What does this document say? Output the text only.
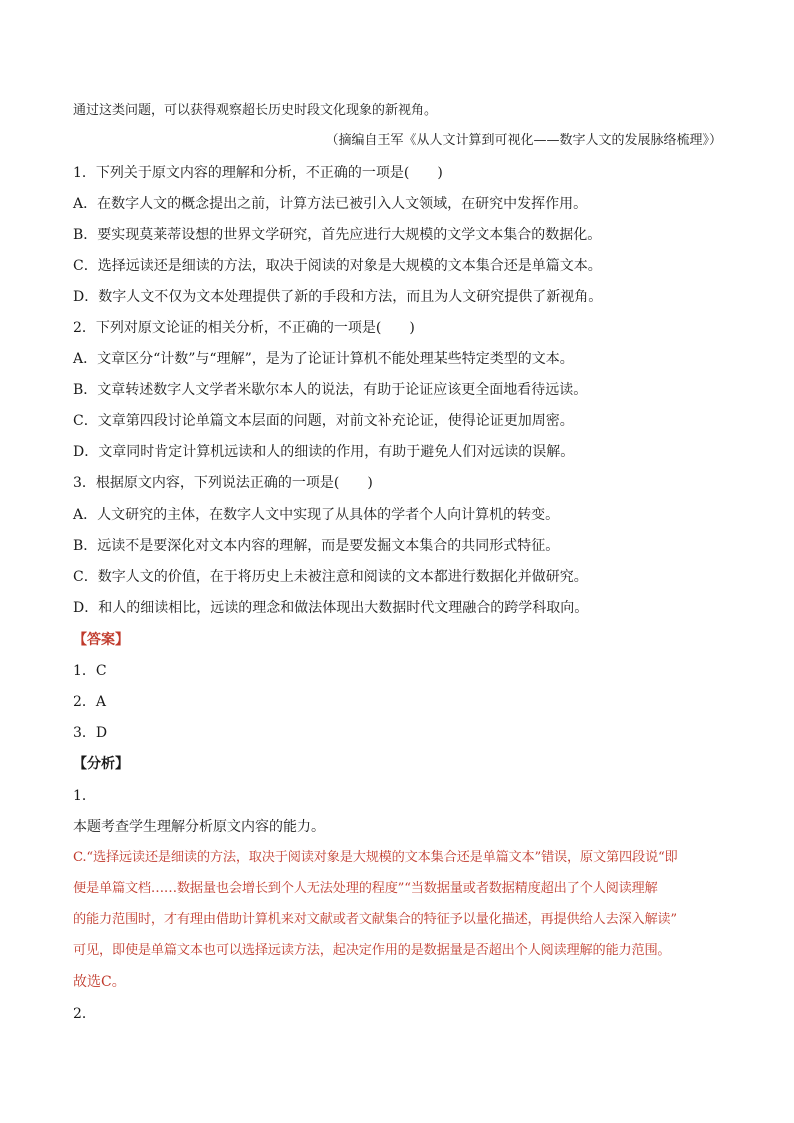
通过这类问题，可以获得观察超长历史时段文化现象的新视角。
（摘编自王军《从人文计算到可视化——数字人文的发展脉络梳理》）
1．下列关于原文内容的理解和分析，不正确的一项是(　　)
A．在数字人文的概念提出之前，计算方法已被引入人文领域，在研究中发挥作用。
B．要实现莫莱蒂设想的世界文学研究，首先应进行大规模的文学文本集合的数据化。
C．选择远读还是细读的方法，取决于阅读的对象是大规模的文本集合还是单篇文本。
D．数字人文不仅为文本处理提供了新的手段和方法，而且为人文研究提供了新视角。
2．下列对原文论证的相关分析，不正确的一项是(　　)
A．文章区分“计数”与“理解”，是为了论证计算机不能处理某些特定类型的文本。
B．文章转述数字人文学者米歇尔本人的说法，有助于论证应该更全面地看待远读。
C．文章第四段讨论单篇文本层面的问题，对前文补充论证，使得论证更加周密。
D．文章同时肯定计算机远读和人的细读的作用，有助于避免人们对远读的误解。
3．根据原文内容，下列说法正确的一项是(　　)
A．人文研究的主体，在数字人文中实现了从具体的学者个人向计算机的转变。
B．远读不是要深化对文本内容的理解，而是要发掘文本集合的共同形式特征。
C．数字人文的价值，在于将历史上未被注意和阅读的文本都进行数据化并做研究。
D．和人的细读相比，远读的理念和做法体现出大数据时代文理融合的跨学科取向。
【答案】
1．C
2．A
3．D
【分析】
1．
本题考查学生理解分析原文内容的能力。
C.“选择远读还是细读的方法，取决于阅读对象是大规模的文本集合还是单篇文本”错误，原文第四段说“即
便是单篇文档……数据量也会增长到个人无法处理的程度”“当数据量或者数据精度超出了个人阅读理解
的能力范围时，才有理由借助计算机来对文献或者文献集合的特征予以量化描述，再提供给人去深入解读”
可见，即使是单篇文本也可以选择远读方法，起决定作用的是数据量是否超出个人阅读理解的能力范围。
故选C。
2．
